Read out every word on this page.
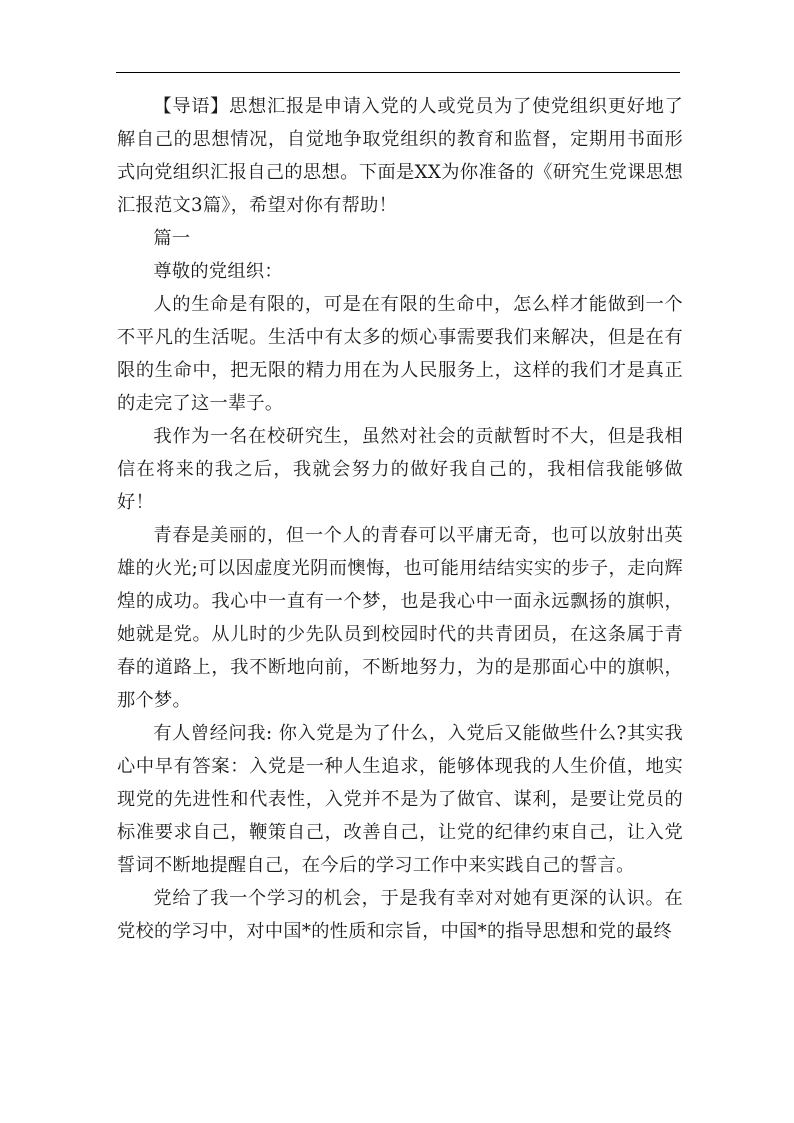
【导语】思想汇报是申请入党的人或党员为了使党组织更好地了解自己的思想情况，自觉地争取党组织的教育和监督，定期用书面形式向党组织汇报自己的思想。下面是XX为你准备的《研究生党课思想汇报范文3篇》，希望对你有帮助！

篇一

尊敬的党组织：

人的生命是有限的，可是在有限的生命中，怎么样才能做到一个不平凡的生活呢。生活中有太多的烦心事需要我们来解决，但是在有限的生命中，把无限的精力用在为人民服务上，这样的我们才是真正的走完了这一辈子。

我作为一名在校研究生，虽然对社会的贡献暂时不大，但是我相信在将来的我之后，我就会努力的做好我自己的，我相信我能够做好！

青春是美丽的，但一个人的青春可以平庸无奇，也可以放射出英雄的火光;可以因虚度光阴而懊悔，也可能用结结实实的步子，走向辉煌的成功。我心中一直有一个梦，也是我心中一面永远飘扬的旗帜，她就是党。从儿时的少先队员到校园时代的共青团员，在这条属于青春的道路上，我不断地向前，不断地努力，为的是那面心中的旗帜，那个梦。

有人曾经问我: 你入党是为了什么，入党后又能做些什么?其实我心中早有答案：入党是一种人生追求，能够体现我的人生价值，地实现党的先进性和代表性，入党并不是为了做官、谋利，是要让党员的标准要求自己，鞭策自己，改善自己，让党的纪律约束自己，让入党誓词不断地提醒自己，在今后的学习工作中来实践自己的誓言。

党给了我一个学习的机会，于是我有幸对对她有更深的认识。在党校的学习中，对中国*的性质和宗旨，中国*的指导思想和党的最终
